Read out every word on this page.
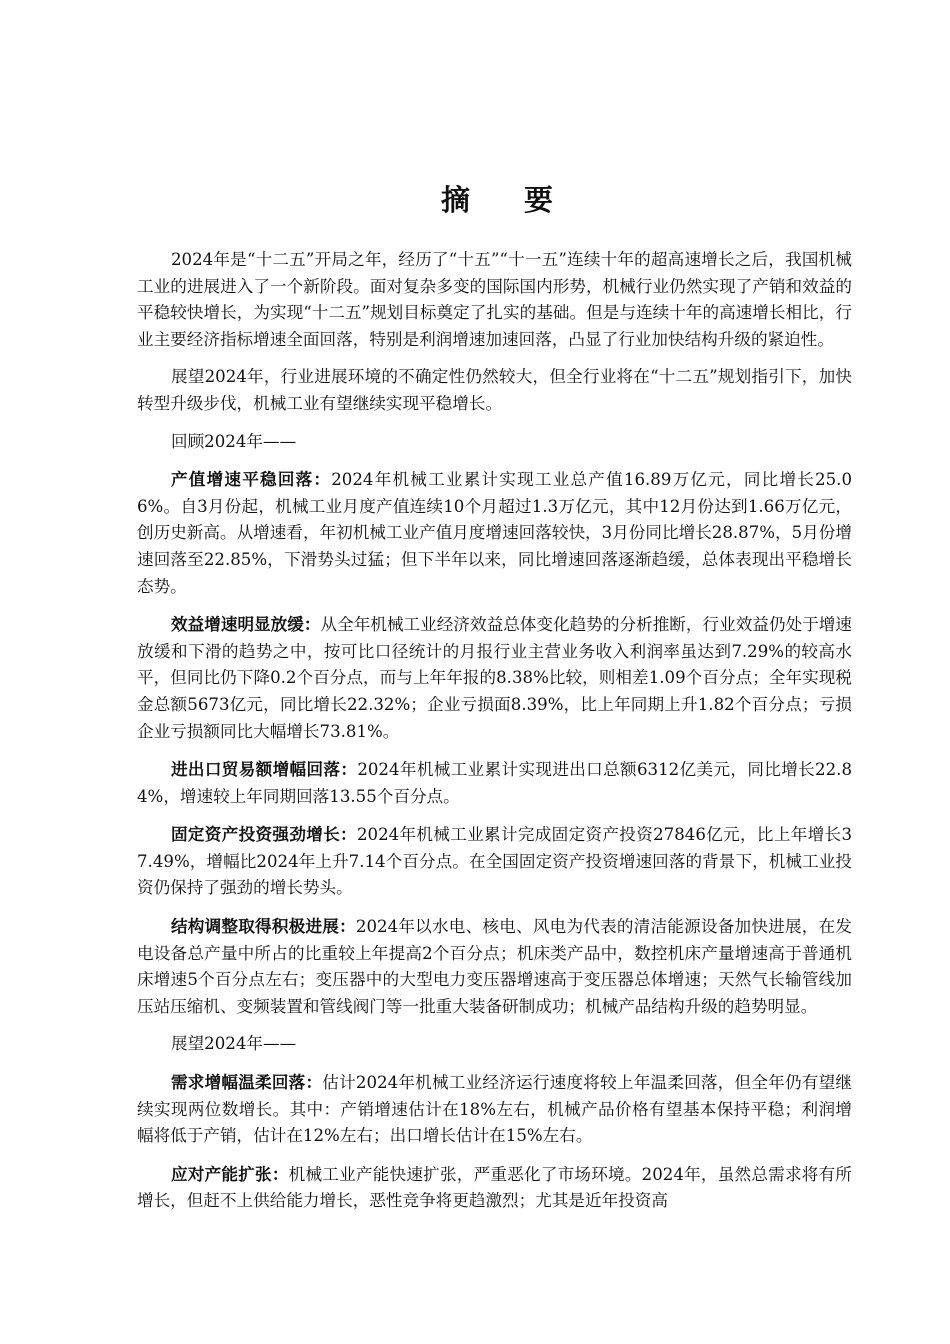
摘 要

2024年是“十二五”开局之年，经历了“十五”“十一五”连续十年的超高速增长之后，我国机械工业的进展进入了一个新阶段。面对复杂多变的国际国内形势，机械行业仍然实现了产销和效益的平稳较快增长，为实现“十二五”规划目标奠定了扎实的基础。但是与连续十年的高速增长相比，行业主要经济指标增速全面回落，特别是利润增速加速回落，凸显了行业加快结构升级的紧迫性。

展望2024年，行业进展环境的不确定性仍然较大，但全行业将在“十二五”规划指引下，加快转型升级步伐，机械工业有望继续实现平稳增长。

回顾2024年——

产值增速平稳回落：2024年机械工业累计实现工业总产值16.89万亿元，同比增长25.06%。自3月份起，机械工业月度产值连续10个月超过1.3万亿元，其中12月份达到1.66万亿元，创历史新高。从增速看，年初机械工业产值月度增速回落较快，3月份同比增长28.87%，5月份增速回落至22.85%，下滑势头过猛；但下半年以来，同比增速回落逐渐趋缓，总体表现出平稳增长态势。

效益增速明显放缓：从全年机械工业经济效益总体变化趋势的分析推断，行业效益仍处于增速放缓和下滑的趋势之中，按可比口径统计的月报行业主营业务收入利润率虽达到7.29%的较高水平，但同比仍下降0.2个百分点，而与上年年报的8.38%比较，则相差1.09个百分点；全年实现税金总额5673亿元，同比增长22.32%；企业亏损面8.39%，比上年同期上升1.82个百分点；亏损企业亏损额同比大幅增长73.81%。

进出口贸易额增幅回落：2024年机械工业累计实现进出口总额6312亿美元，同比增长22.84%，增速较上年同期回落13.55个百分点。

固定资产投资强劲增长：2024年机械工业累计完成固定资产投资27846亿元，比上年增长37.49%，增幅比2024年上升7.14个百分点。在全国固定资产投资增速回落的背景下，机械工业投资仍保持了强劲的增长势头。

结构调整取得积极进展：2024年以水电、核电、风电为代表的清洁能源设备加快进展，在发电设备总产量中所占的比重较上年提高2个百分点；机床类产品中，数控机床产量增速高于普通机床增速5个百分点左右；变压器中的大型电力变压器增速高于变压器总体增速；天然气长输管线加压站压缩机、变频装置和管线阀门等一批重大装备研制成功；机械产品结构升级的趋势明显。

展望2024年——

需求增幅温柔回落：估计2024年机械工业经济运行速度将较上年温柔回落，但全年仍有望继续实现两位数增长。其中：产销增速估计在18%左右，机械产品价格有望基本保持平稳；利润增幅将低于产销，估计在12%左右；出口增长估计在15%左右。

应对产能扩张：机械工业产能快速扩张，严重恶化了市场环境。2024年，虽然总需求将有所增长，但赶不上供给能力增长，恶性竞争将更趋激烈；尤其是近年投资高
